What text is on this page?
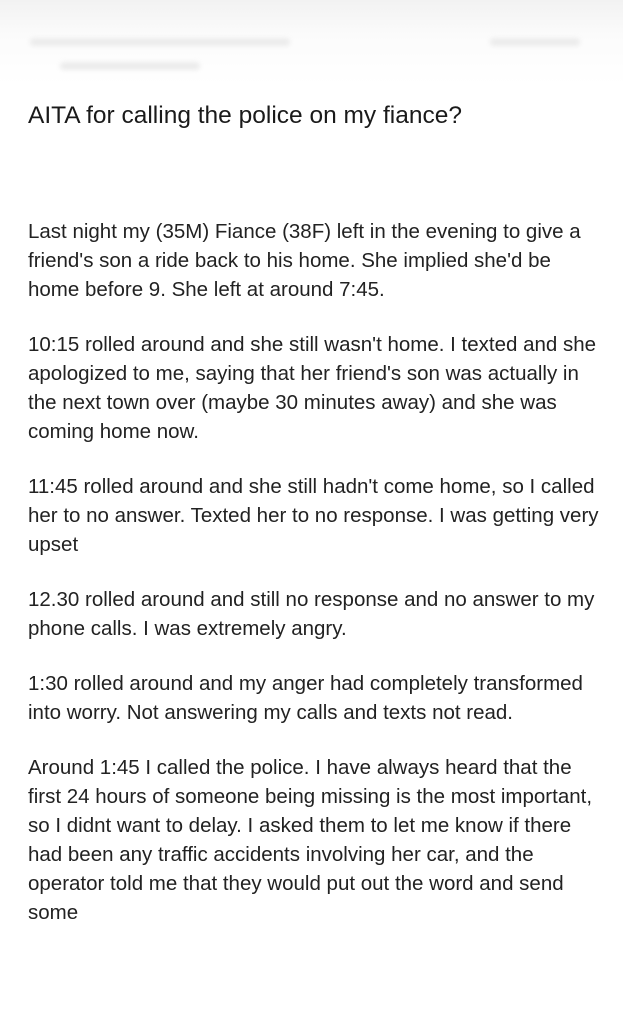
AITA for calling the police on my fiance?

Last night my (35M) Fiance (38F) left in the evening to give a friend's son a ride back to his home. She implied she'd be home before 9. She left at around 7:45.

10:15 rolled around and she still wasn't home. I texted and she apologized to me, saying that her friend's son was actually in the next town over (maybe 30 minutes away) and she was coming home now.

11:45 rolled around and she still hadn't come home, so I called her to no answer. Texted her to no response. I was getting very upset

12.30 rolled around and still no response and no answer to my phone calls. I was extremely angry.

1:30 rolled around and my anger had completely transformed into worry. Not answering my calls and texts not read.

Around 1:45 I called the police. I have always heard that the first 24 hours of someone being missing is the most important, so I didnt want to delay. I asked them to let me know if there had been any traffic accidents involving her car, and the operator told me that they would put out the word and send some
